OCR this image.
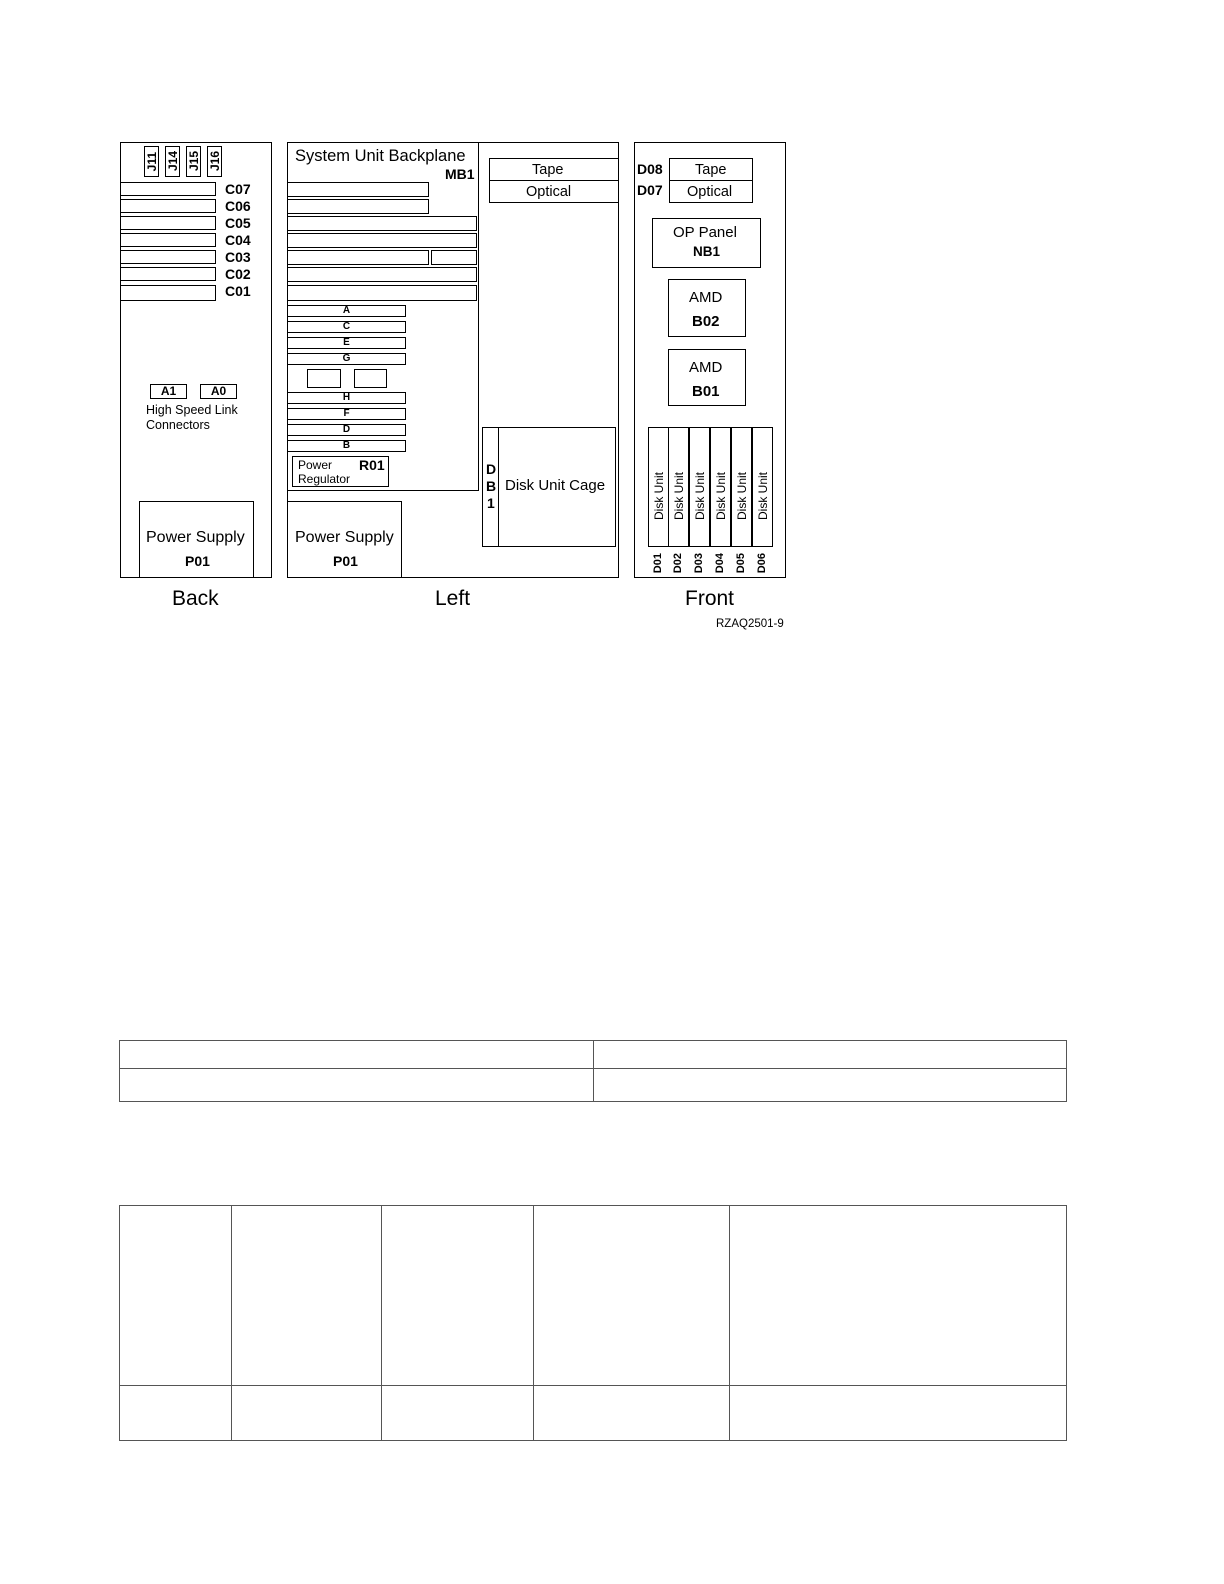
J11 J14 J15 J16
C07
C06
C05
C04
C03
C02
C01
A1	A0
High Speed Link
Connectors
Power Supply
P01
Back
System Unit Backplane
MB1
A
C
E
G
H
F
D
B
Power
Regulator
R01
Tape
Optical
D
B
1
Disk Unit Cage
Power Supply
P01
Left
D08 Tape
D07 Optical
OP Panel
NB1
AMD
B02
AMD
B01
Disk Unit Disk Unit Disk Unit Disk Unit Disk Unit Disk Unit
D01 D02 D03 D04 D05 D06
Front
RZAQ2501-9
